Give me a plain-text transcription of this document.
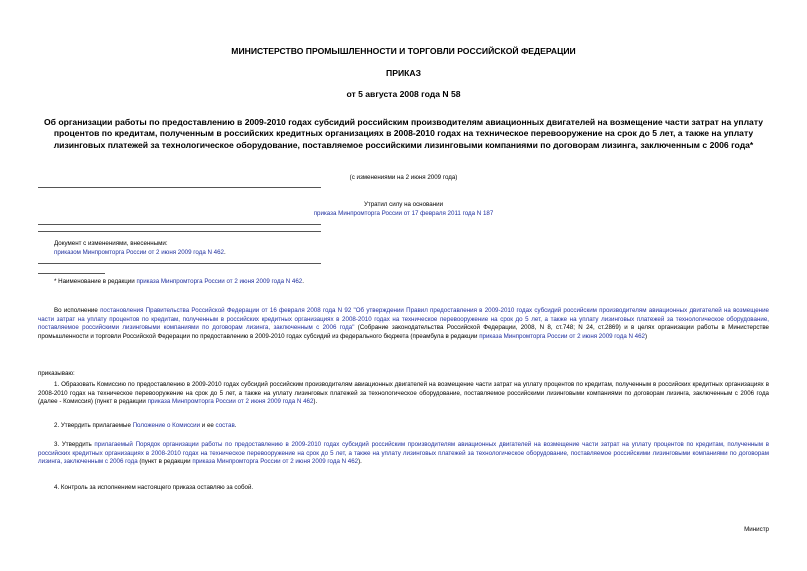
МИНИСТЕРСТВО ПРОМЫШЛЕННОСТИ И ТОРГОВЛИ РОССИЙСКОЙ ФЕДЕРАЦИИ
ПРИКАЗ
от 5 августа 2008 года N 58
Об организации работы по предоставлению в 2009-2010 годах субсидий российским производителям авиационных двигателей на возмещение части затрат на уплату процентов по кредитам, полученным в российских кредитных организациях в 2008-2010 годах на техническое перевооружение на срок до 5 лет, а также на уплату лизинговых платежей за технологическое оборудование, поставляемое российскими лизинговыми компаниями по договорам лизинга, заключенным с 2006 года*
(с изменениями на 2 июня 2009 года)
Утратил силу на основании
приказа Минпромторга России от 17 февраля 2011 года N 187
Документ с изменениями, внесенными:
приказом Минпромторга России от 2 июня 2009 года N 462.
* Наименование в редакции приказа Минпромторга России от 2 июня 2009 года N 462.

Во исполнение постановления Правительства Российской Федерации от 16 февраля 2008 года N 92 "Об утверждении Правил предоставления в 2009-2010 годах субсидий российским производителям авиационных двигателей на возмещение части затрат на уплату процентов по кредитам, полученным в российских кредитных организациях в 2008-2010 годах на техническое перевооружение на срок до 5 лет, а также на уплату лизинговых платежей за технологическое оборудование, поставляемое российскими лизинговыми компаниями по договорам лизинга, заключенным с 2006 года" (Собрание законодательства Российской Федерации, 2008, N 8, ст.748; N 24, ст.2869) и в целях организации работы в Министерстве промышленности и торговли Российской Федерации по предоставлению в 2009-2010 годах субсидий из федерального бюджета (преамбула в редакции приказа Минпромторга России от 2 июня 2009 года N 462)

приказываю:

1. Образовать Комиссию по предоставлению в 2009-2010 годах субсидий российским производителям авиационных двигателей на возмещение части затрат на уплату процентов по кредитам, полученным в российских кредитных организациях в 2008-2010 годах на техническое перевооружение на срок до 5 лет, а также на уплату лизинговых платежей за технологическое оборудование, поставляемое российскими лизинговыми компаниями по договорам лизинга, заключенным с 2006 года (далее - Комиссия) (пункт в редакции приказа Минпромторга России от 2 июня 2009 года N 462).

2. Утвердить прилагаемые Положение о Комиссии и ее состав.

3. Утвердить прилагаемый Порядок организации работы по предоставлению в 2009-2010 годах субсидий российским производителям авиационных двигателей на возмещение части затрат на уплату процентов по кредитам, полученным в российских кредитных организациях в 2008-2010 годах на техническое перевооружение на срок до 5 лет, а также на уплату лизинговых платежей за технологическое оборудование, поставляемое российскими лизинговыми компаниями по договорам лизинга, заключенным с 2006 года (пункт в редакции приказа Минпромторга России от 2 июня 2009 года N 462).

4. Контроль за исполнением настоящего приказа оставляю за собой.

Министр
